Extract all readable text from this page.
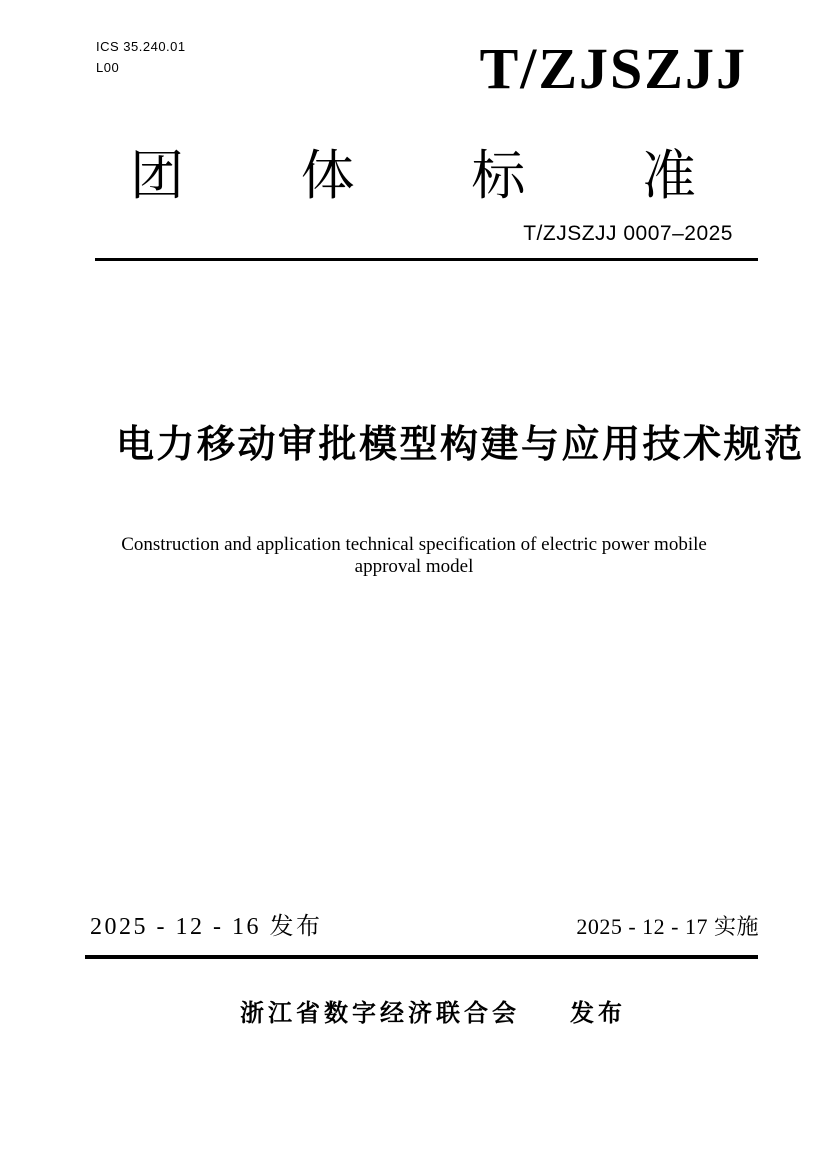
ICS 35.240.01
L00	T/ZJSZJJ
团 体 标 准
T/ZJSZJJ 0007–2025
电力移动审批模型构建与应用技术规范
Construction and application technical specification of electric power mobile
approval model
2025 - 12 - 16 发布	2025 - 12 - 17 实施
浙江省数字经济联合会 发布
